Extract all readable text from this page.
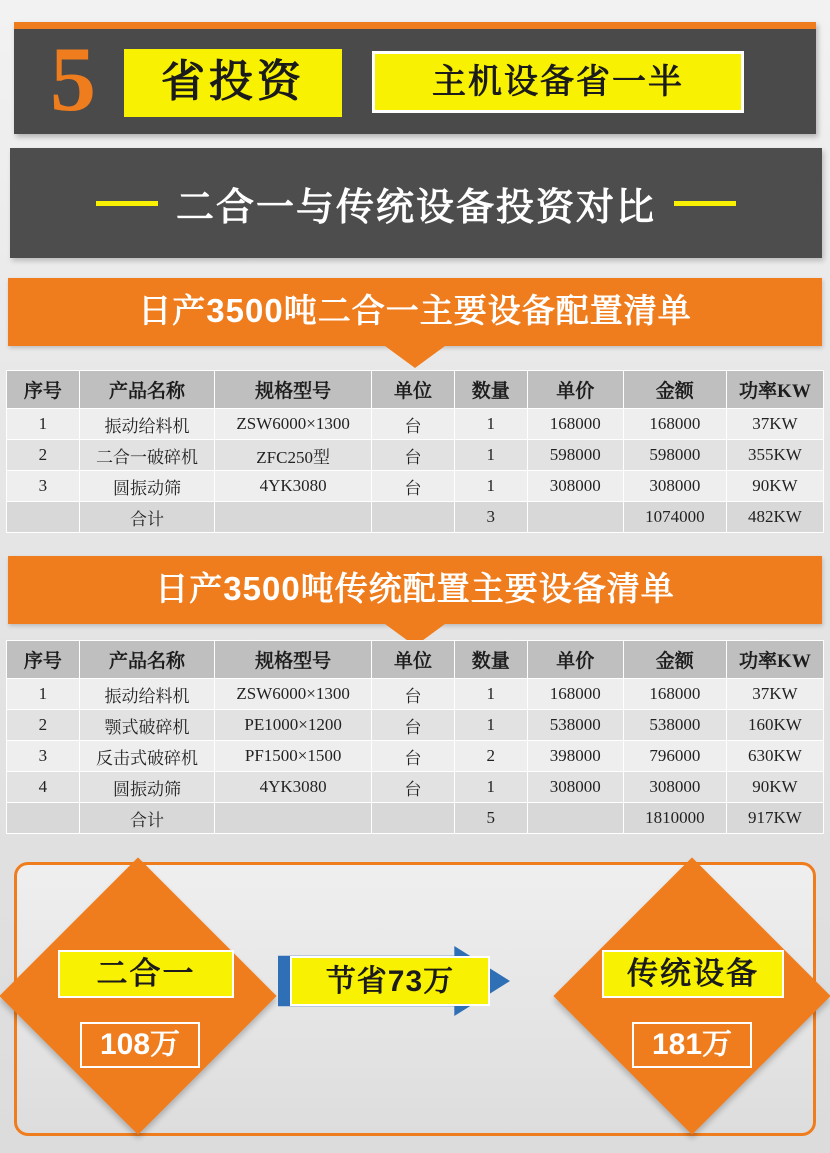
5	省投资	主机设备省一半
二合一与传统设备投资对比
日产3500吨二合一主要设备配置清单
序号	产品名称	规格型号	单位	数量	单价	金额	功率KW
1	振动给料机	ZSW6000×1300	台	1	168000	168000	37KW
2	二合一破碎机	ZFC250型	台	1	598000	598000	355KW
3	圆振动筛	4YK3080	台	1	308000	308000	90KW
	合计			3		1074000	482KW
日产3500吨传统配置主要设备清单
序号	产品名称	规格型号	单位	数量	单价	金额	功率KW
1	振动给料机	ZSW6000×1300	台	1	168000	168000	37KW
2	颚式破碎机	PE1000×1200	台	1	538000	538000	160KW
3	反击式破碎机	PF1500×1500	台	2	398000	796000	630KW
4	圆振动筛	4YK3080	台	1	308000	308000	90KW
	合计			5		1810000	917KW
二合一
108万
节省73万	传统设备
181万
